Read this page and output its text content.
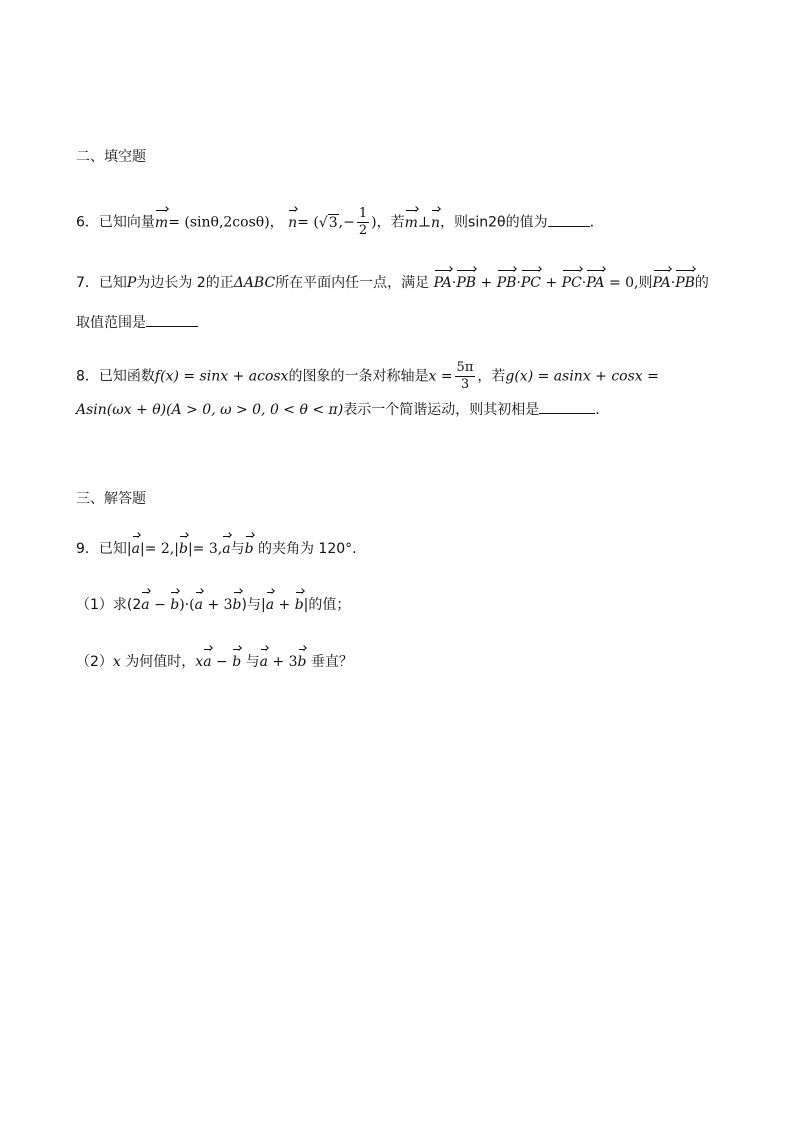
二、填空题
6．已知向量m= (sinθ,2cosθ)， $n= (√3,- \frac{1}{2}$ )，若m⊥n，则sin2θ的值为	.
7．已知P为边长为 2的正ΔABC所在平面内任一点，满足 PA·PB + PB·PC + PC·PA = 0,则PA·PB的
取值范围是
8．已知函数f(x) = sinx + acosx的图象的一条对称轴是$x = \frac{5\pi}{3}$ ，若g(x) = asinx + cosx =
Asin(ωx + θ)(A > 0, ω > 0, 0 < θ < π)表示一个简谐运动，则其初相是	.
三、解答题
9．已知|a|= 2,|b|= 3,a与b 的夹角为 120°.
（1）求(2a − b)·(a + 3b)与|a + b|的值；
（2）x 为何值时，xa − b 与a + 3b 垂直？
